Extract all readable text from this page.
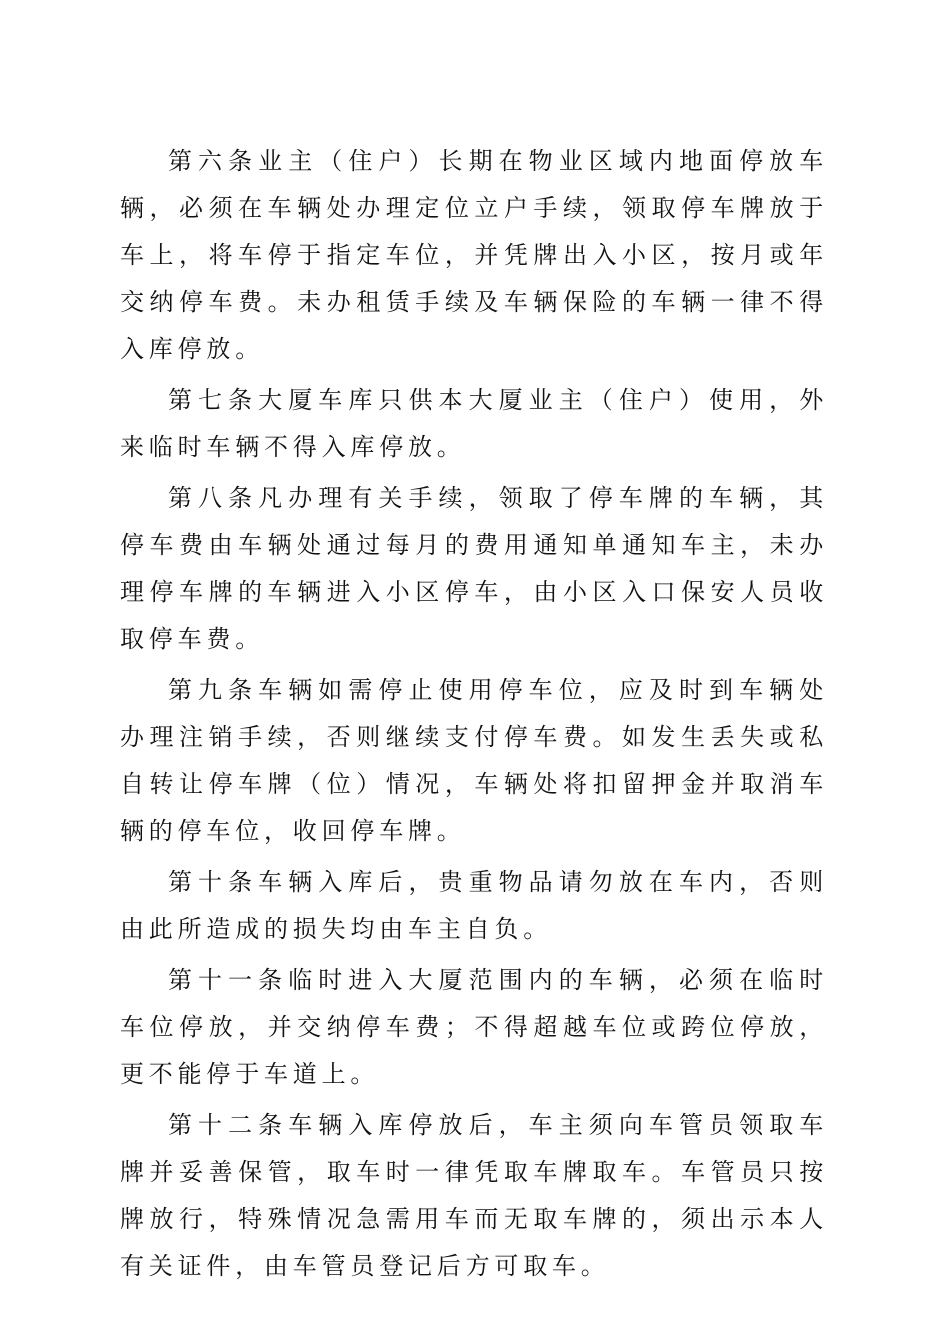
第六条业主（住户）长期在物业区域内地面停放车辆，必须在车辆处办理定位立户手续，领取停车牌放于车上，将车停于指定车位，并凭牌出入小区，按月或年交纳停车费。未办租赁手续及车辆保险的车辆一律不得入库停放。

第七条大厦车库只供本大厦业主（住户）使用，外来临时车辆不得入库停放。

第八条凡办理有关手续，领取了停车牌的车辆，其停车费由车辆处通过每月的费用通知单通知车主，未办理停车牌的车辆进入小区停车，由小区入口保安人员收取停车费。

第九条车辆如需停止使用停车位，应及时到车辆处办理注销手续，否则继续支付停车费。如发生丢失或私自转让停车牌（位）情况，车辆处将扣留押金并取消车辆的停车位，收回停车牌。

第十条车辆入库后，贵重物品请勿放在车内，否则由此所造成的损失均由车主自负。

第十一条临时进入大厦范围内的车辆，必须在临时车位停放，并交纳停车费；不得超越车位或跨位停放，更不能停于车道上。

第十二条车辆入库停放后，车主须向车管员领取车牌并妥善保管，取车时一律凭取车牌取车。车管员只按牌放行，特殊情况急需用车而无取车牌的，须出示本人有关证件，由车管员登记后方可取车。
